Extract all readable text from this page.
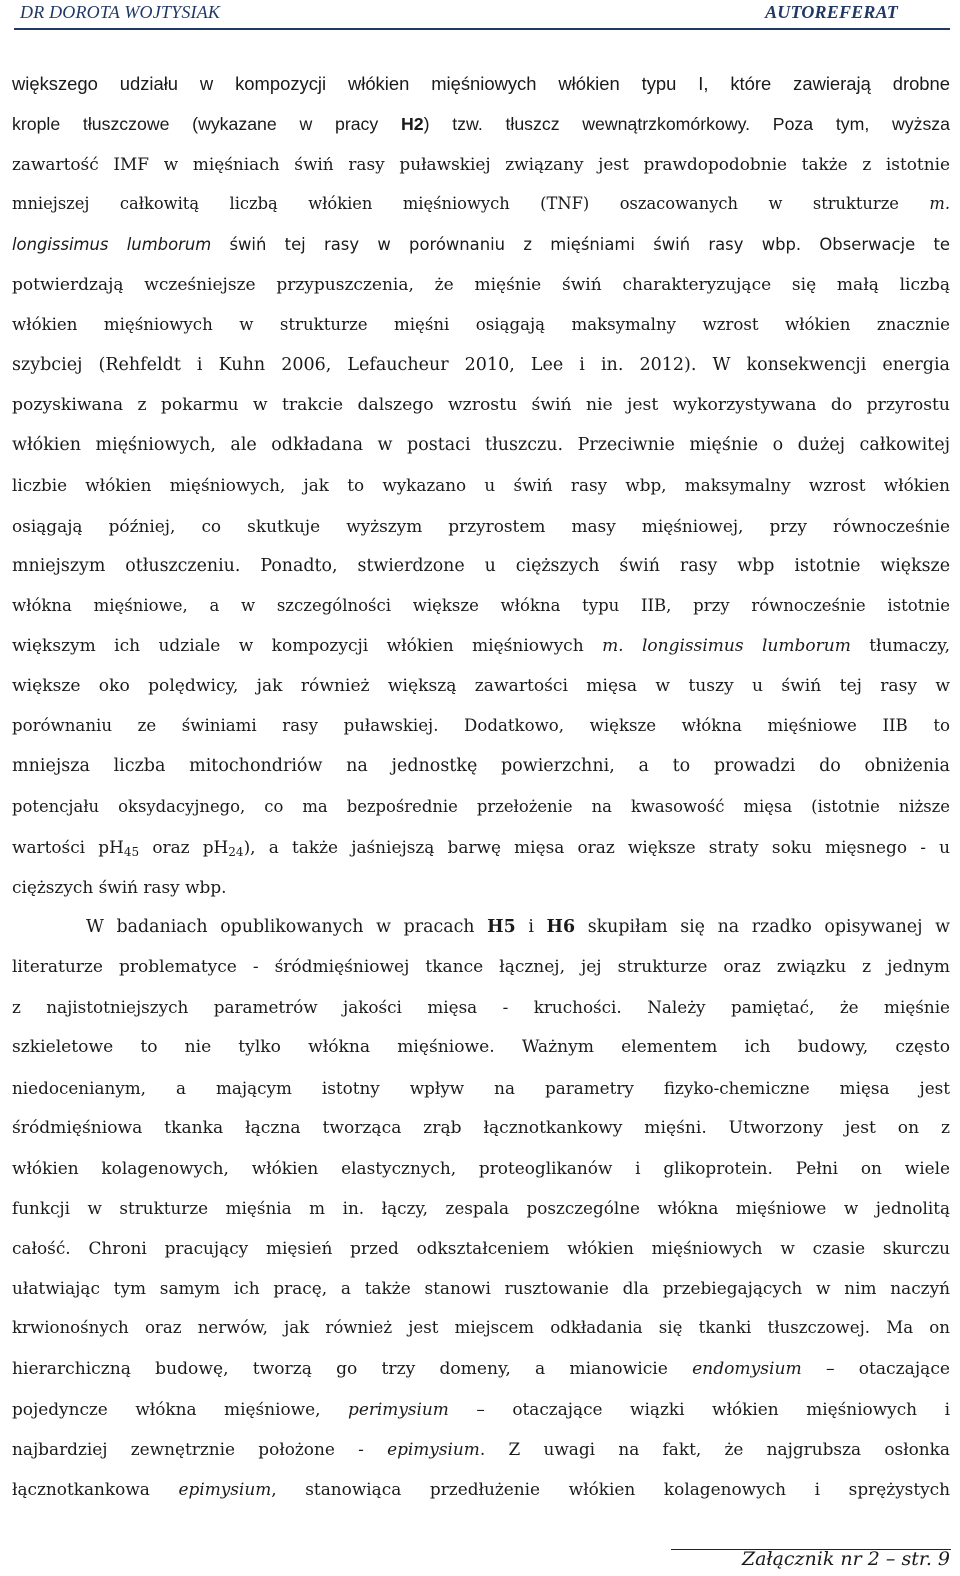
DR DOROTA WOJTYSIAK	AUTOREFERAT
większego udziału w kompozycji włókien mięśniowych włókien typu I, które zawierają drobne
krople tłuszczowe (wykazane w pracy H2) tzw. tłuszcz wewnątrzkomórkowy. Poza tym, wyższa
zawartość IMF w mięśniach świń rasy puławskiej związany jest prawdopodobnie także z istotnie
mniejszej całkowitą liczbą włókien mięśniowych (TNF) oszacowanych w strukturze m.
longissimus lumborum świń tej rasy w porównaniu z mięśniami świń rasy wbp. Obserwacje te
potwierdzają wcześniejsze przypuszczenia, że mięśnie świń charakteryzujące się małą liczbą
włókien mięśniowych w strukturze mięśni osiągają maksymalny wzrost włókien znacznie
szybciej (Rehfeldt i Kuhn 2006, Lefaucheur 2010, Lee i in. 2012). W konsekwencji energia
pozyskiwana z pokarmu w trakcie dalszego wzrostu świń nie jest wykorzystywana do przyrostu
włókien mięśniowych, ale odkładana w postaci tłuszczu. Przeciwnie mięśnie o dużej całkowitej
liczbie włókien mięśniowych, jak to wykazano u świń rasy wbp, maksymalny wzrost włókien
osiągają później, co skutkuje wyższym przyrostem masy mięśniowej, przy równocześnie
mniejszym otłuszczeniu. Ponadto, stwierdzone u cięższych świń rasy wbp istotnie większe
włókna mięśniowe, a w szczególności większe włókna typu IIB, przy równocześnie istotnie
większym ich udziale w kompozycji włókien mięśniowych m. longissimus lumborum tłumaczy,
większe oko polędwicy, jak również większą zawartości mięsa w tuszy u świń tej rasy w
porównaniu ze świniami rasy puławskiej. Dodatkowo, większe włókna mięśniowe IIB to
mniejsza liczba mitochondriów na jednostkę powierzchni, a to prowadzi do obniżenia
potencjału oksydacyjnego, co ma bezpośrednie przełożenie na kwasowość mięsa (istotnie niższe
wartości $pH_{45}$ oraz $pH_{24}$), a także jaśniejszą barwę mięsa oraz większe straty soku mięsnego - u
cięższych świń rasy wbp.
W badaniach opublikowanych w pracach H5 i H6 skupiłam się na rzadko opisywanej w
literaturze problematyce - śródmięśniowej tkance łącznej, jej strukturze oraz związku z jednym
z najistotniejszych parametrów jakości mięsa - kruchości. Należy pamiętać, że mięśnie
szkieletowe to nie tylko włókna mięśniowe. Ważnym elementem ich budowy, często
niedocenianym, a mającym istotny wpływ na parametry fizyko-chemiczne mięsa jest
śródmięśniowa tkanka łączna tworząca zrąb łącznotkankowy mięśni. Utworzony jest on z
włókien kolagenowych, włókien elastycznych, proteoglikanów i glikoprotein. Pełni on wiele
funkcji w strukturze mięśnia m in. łączy, zespala poszczególne włókna mięśniowe w jednolitą
całość. Chroni pracujący mięsień przed odkształceniem włókien mięśniowych w czasie skurczu
ułatwiając tym samym ich pracę, a także stanowi rusztowanie dla przebiegających w nim naczyń
krwionośnych oraz nerwów, jak również jest miejscem odkładania się tkanki tłuszczowej. Ma on
hierarchiczną budowę, tworzą go trzy domeny, a mianowicie endomysium – otaczające
pojedyncze włókna mięśniowe, perimysium – otaczające wiązki włókien mięśniowych i
najbardziej zewnętrznie położone - epimysium. Z uwagi na fakt, że najgrubsza osłonka
łącznotkankowa epimysium, stanowiąca przedłużenie włókien kolagenowych i sprężystych
Załącznik nr 2 – str. 9
